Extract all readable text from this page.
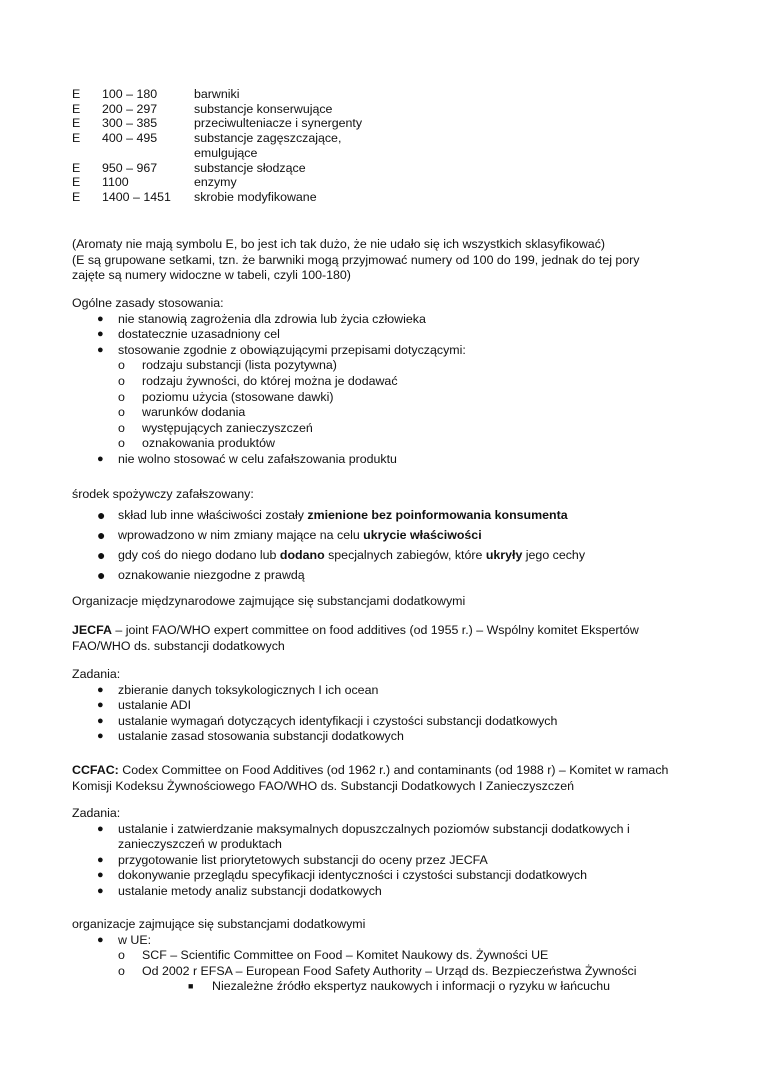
E	100 – 180	barwniki
E	200 – 297	substancje konserwujące
E	300 – 385	przeciwulteniacze i synergenty
E	400 – 495	substancje zagęszczające,
		emulgujące
E	950 – 967	substancje słodzące
E	1100	enzymy
E	1400 – 1451	skrobie modyfikowane

(Aromaty nie mają symbolu E, bo jest ich tak dużo, że nie udało się ich wszystkich sklasyfikować)

(E są grupowane setkami, tzn. że barwniki mogą przyjmować numery od 100 do 199, jednak do tej pory

zajęte są numery widoczne w tabeli, czyli 100-180)

Ogólne zasady stosowania:

● nie stanowią zagrożenia dla zdrowia lub życia człowieka
● dostatecznie uzasadniony cel
● stosowanie zgodnie z obowiązującymi przepisami dotyczącymi:
o rodzaju substancji (lista pozytywna)
o rodzaju żywności, do której można je dodawać
o poziomu użycia (stosowane dawki)
o warunków dodania
o występujących zanieczyszczeń
o oznakowania produktów
● nie wolno stosować w celu zafałszowania produktu

środek spożywczy zafałszowany:

● skład lub inne właściwości zostały zmienione bez poinformowania konsumenta
● wprowadzono w nim zmiany mające na celu ukrycie właściwości
● gdy coś do niego dodano lub dodano specjalnych zabiegów, które ukryły jego cechy
● oznakowanie niezgodne z prawdą
Organizacje międzynarodowe zajmujące się substancjami dodatkowymi

JECFA – joint FAO/WHO expert committee on food additives (od 1955 r.) – Wspólny komitet Ekspertów

FAO/WHO ds. substancji dodatkowych

Zadania:

● zbieranie danych toksykologicznych I ich ocean
● ustalanie ADI
● ustalanie wymagań dotyczących identyfikacji i czystości substancji dodatkowych
● ustalanie zasad stosowania substancji dodatkowych

CCFAC: Codex Committee on Food Additives (od 1962 r.) and contaminants (od 1988 r) – Komitet w ramach

Komisji Kodeksu Żywnościowego FAO/WHO ds. Substancji Dodatkowych I Zanieczyszczeń

Zadania:

● ustalanie i zatwierdzanie maksymalnych dopuszczalnych poziomów substancji dodatkowych i
zanieczyszczeń w produktach
● przygotowanie list priorytetowych substancji do oceny przez JECFA
● dokonywanie przeglądu specyfikacji identyczności i czystości substancji dodatkowych
● ustalanie metody analiz substancji dodatkowych

organizacje zajmujące się substancjami dodatkowymi

● w UE:
o SCF – Scientific Committee on Food – Komitet Naukowy ds. Żywności UE
o Od 2002 r EFSA – European Food Safety Authority – Urząd ds. Bezpieczeństwa Żywności
■ Niezależne źródło ekspertyz naukowych i informacji o ryzyku w łańcuchu
